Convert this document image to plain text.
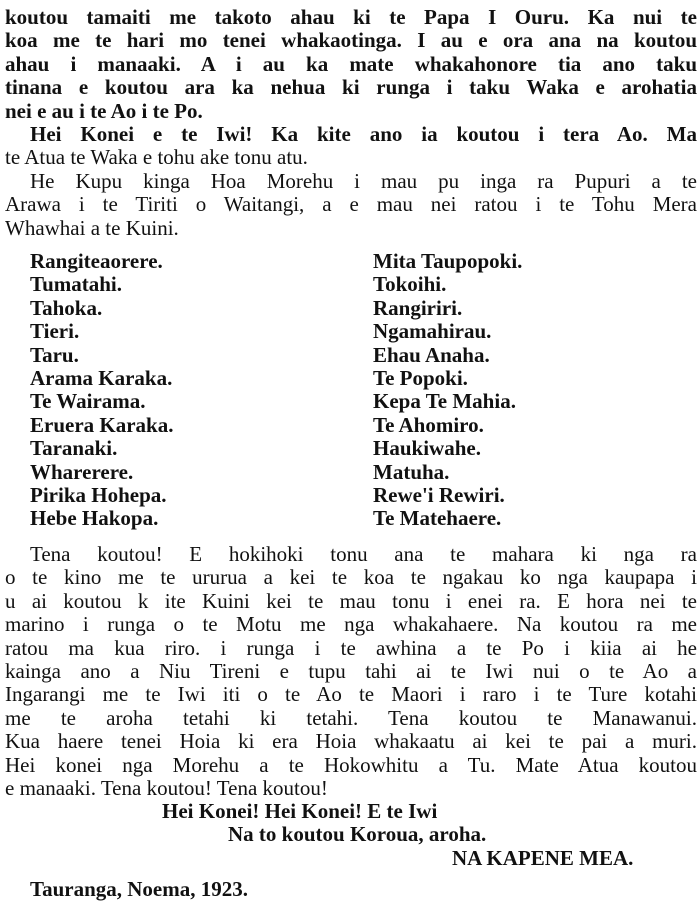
koutou tamaiti me takoto ahau ki te Papa I Ouru. Ka nui te
koa me te hari mo tenei whakaotinga. I au e ora ana na koutou
ahau i manaaki. A i au ka mate whakahonore tia ano taku
tinana e koutou ara ka nehua ki runga i taku Waka e arohatia
nei e au i te Ao i te Po.
Hei Konei e te Iwi! Ka kite ano ia koutou i tera Ao. Ma
te Atua te Waka e tohu ake tonu atu.
He Kupu kinga Hoa Morehu i mau pu inga ra Pupuri a te
Arawa i te Tiriti o Waitangi, a e mau nei ratou i te Tohu Mera
Whawhai a te Kuini.
Rangiteaorere.
Tumatahi.
Tahoka.
Tieri.
Taru.
Arama Karaka.
Te Wairama.
Eruera Karaka.
Taranaki.
Wharerere.
Pirika Hohepa.
Hebe Hakopa.
Mita Taupopoki.
Tokoihi.
Rangiriri.
Ngamahirau.
Ehau Anaha.
Te Popoki.
Kepa Te Mahia.
Te Ahomiro.
Haukiwahe.
Matuha.
Rewe'i Rewiri.
Te Matehaere.
Tena koutou! E hokihoki tonu ana te mahara ki nga ra
o te kino me te ururua a kei te koa te ngakau ko nga kaupapa i
u ai koutou k ite Kuini kei te mau tonu i enei ra. E hora nei te
marino i runga o te Motu me nga whakahaere. Na koutou ra me
ratou ma kua riro. i runga i te awhina a te Po i kiia ai he
kainga ano a Niu Tireni e tupu tahi ai te Iwi nui o te Ao a
Ingarangi me te Iwi iti o te Ao te Maori i raro i te Ture kotahi
me te aroha tetahi ki tetahi. Tena koutou te Manawanui.
Kua haere tenei Hoia ki era Hoia whakaatu ai kei te pai a muri.
Hei konei nga Morehu a te Hokowhitu a Tu. Mate Atua koutou
e manaaki. Tena koutou! Tena koutou!
Hei Konei! Hei Konei! E te Iwi
Na to koutou Koroua, aroha.
NA KAPENE MEA.
Tauranga, Noema, 1923.
